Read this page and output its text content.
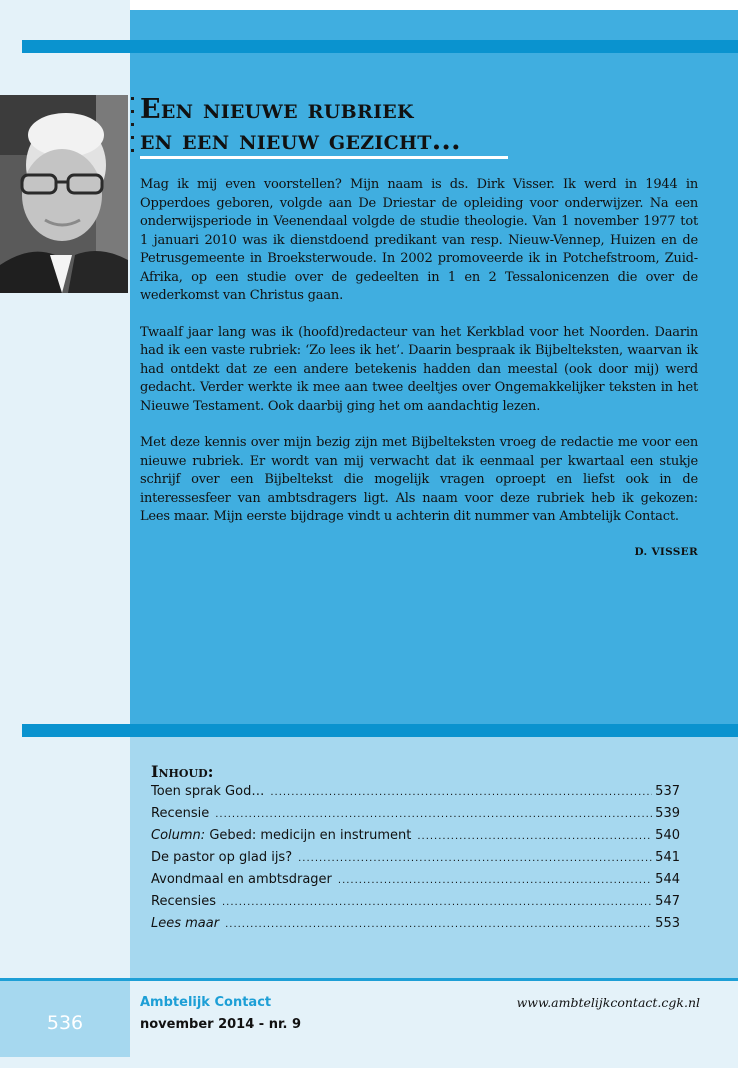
Een nieuwe rubriek
en een nieuw gezicht...

Mag ik mij even voorstellen? Mijn naam is ds. Dirk Visser. Ik werd in 1944 in Opperdoes geboren, volgde aan De Driestar de opleiding voor onderwijzer. Na een onderwijsperiode in Veenendaal volgde de studie theologie. Van 1 november 1977 tot 1 januari 2010 was ik dienstdoend predikant van resp. Nieuw-Vennep, Huizen en de Petrusgemeente in Broeksterwoude. In 2002 promoveerde ik in Potchefstroom, Zuid-Afrika, op een studie over de gedeelten in 1 en 2 Tessalonicenzen die over de wederkomst van Christus gaan.

Twaalf jaar lang was ik (hoofd)redacteur van het Kerkblad voor het Noorden. Daarin had ik een vaste rubriek: ‘Zo lees ik het’. Daarin bespraak ik Bijbelteksten, waarvan ik had ontdekt dat ze een andere betekenis hadden dan meestal (ook door mij) werd gedacht. Verder werkte ik mee aan twee deeltjes over Ongemakkelijker teksten in het Nieuwe Testament. Ook daarbij ging het om aandachtig lezen.

Met deze kennis over mijn bezig zijn met Bijbelteksten vroeg de redactie me voor een nieuwe rubriek. Er wordt van mij verwacht dat ik eenmaal per kwartaal een stukje schrijf over een Bijbeltekst die mogelijk vragen oproept en liefst ook in de interessesfeer van ambtsdragers ligt. Als naam voor deze rubriek heb ik gekozen: Lees maar. Mijn eerste bijdrage vindt u achterin dit nummer van Ambtelijk Contact.

D. VISSER
Inhoud:
Toen sprak God… .....	537
Recensie .....	539
Column: Gebed: medicijn en instrument .....	540
De pastor op glad ijs? .....	541
Avondmaal en ambtsdrager .....	544
Recensies .....	547
Lees maar .....	553
536
Ambtelijk Contact
november 2014 - nr. 9
www.ambtelijkcontact.cgk.nl
